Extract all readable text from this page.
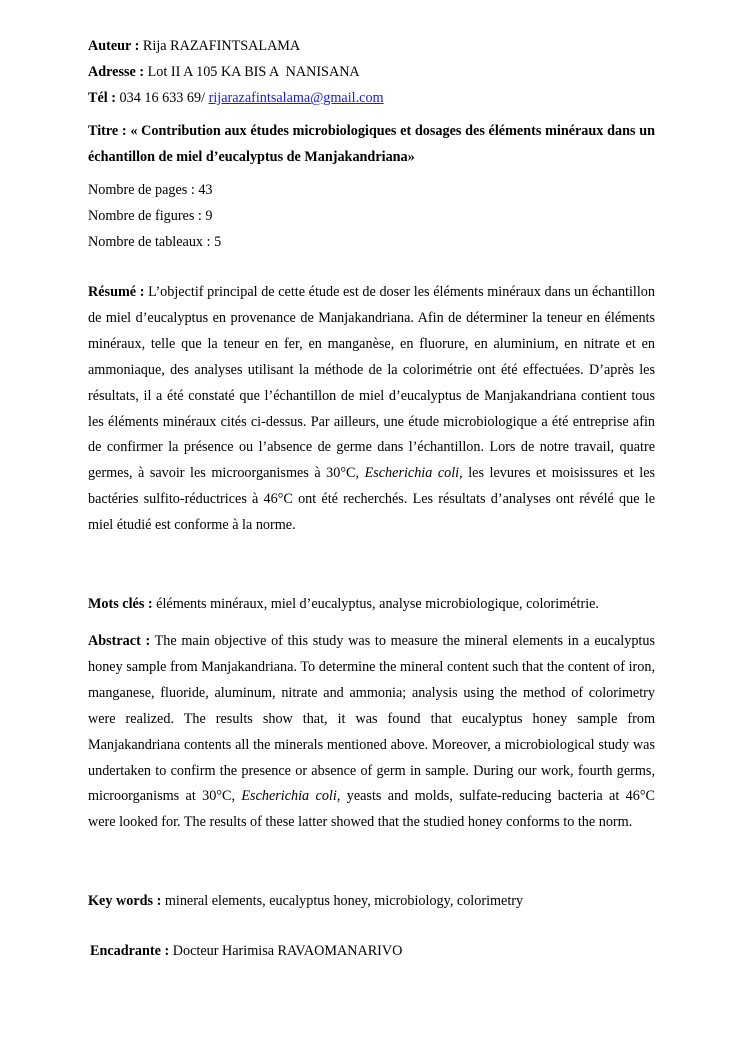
Auteur : Rija RAZAFINTSALAMA
Adresse : Lot II A 105 KA BIS A  NANISANA
Tél : 034 16 633 69/ rijarazafintsalama@gmail.com
Titre : « Contribution aux études microbiologiques et dosages des éléments minéraux dans un échantillon de miel d’eucalyptus de Manjakandriana»
Nombre de pages : 43
Nombre de figures : 9
Nombre de tableaux : 5
Résumé : L’objectif principal de cette étude est de doser les éléments minéraux dans un échantillon de miel d’eucalyptus en provenance de Manjakandriana. Afin de déterminer la teneur en éléments minéraux, telle que la teneur en fer, en manganèse, en fluorure, en aluminium, en nitrate et en ammoniaque, des analyses utilisant la méthode de la colorimétrie ont été effectuées. D’après les résultats, il a été constaté que l’échantillon de miel d’eucalyptus de Manjakandriana contient tous les éléments minéraux cités ci-dessus. Par ailleurs, une étude microbiologique a été entreprise afin de confirmer la présence ou l’absence de germe dans l’échantillon. Lors de notre travail, quatre germes, à savoir les microorganismes à 30°C, Escherichia coli, les levures et moisissures et les bactéries sulfito-réductrices à 46°C ont été recherchés. Les résultats d’analyses ont révélé que le miel étudié est conforme à la norme.
Mots clés : éléments minéraux, miel d’eucalyptus, analyse microbiologique, colorimétrie.
Abstract : The main objective of this study was to measure the mineral elements in a eucalyptus honey sample from Manjakandriana. To determine the mineral content such that the content of iron, manganese, fluoride, aluminum, nitrate and ammonia; analysis using the method of colorimetry were realized. The results show that, it was found that eucalyptus honey sample from Manjakandriana contents all the minerals mentioned above. Moreover, a microbiological study was undertaken to confirm the presence or absence of germ in sample. During our work, fourth germs, microorganisms at 30°C, Escherichia coli, yeasts and molds, sulfate-reducing bacteria at 46°C were looked for. The results of these latter showed that the studied honey conforms to the norm.
Key words : mineral elements, eucalyptus honey, microbiology, colorimetry
Encadrante : Docteur Harimisa RAVAOMANARIVO
